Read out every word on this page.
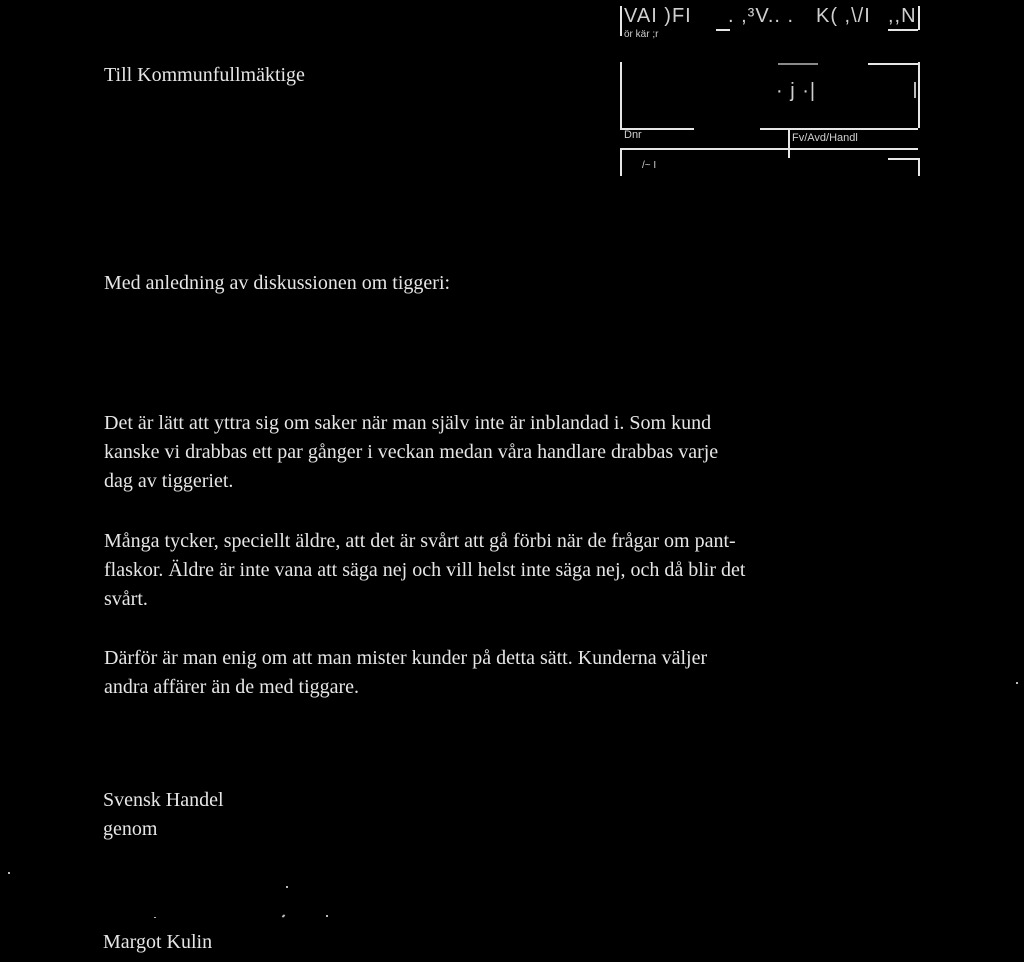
VAI )FI . ,³V.. . K( ,\/I ,,N
ör kär ;r
· j ·|
Dnr	Fv/Avd/Handl
/~ I
Till Kommunfullmäktige
Med anledning av diskussionen om tiggeri:
Det är lätt att yttra sig om saker när man själv inte är inblandad i. Som kund
kanske vi drabbas ett par gånger i veckan medan våra handlare drabbas varje
dag av tiggeriet.
Många tycker, speciellt äldre, att det är svårt att gå förbi när de frågar om pant-
flaskor. Äldre är inte vana att säga nej och vill helst inte säga nej, och då blir det
svårt.
Därför är man enig om att man mister kunder på detta sätt. Kunderna väljer
andra affärer än de med tiggare.
Svensk Handel
genom
Margot Kulin
